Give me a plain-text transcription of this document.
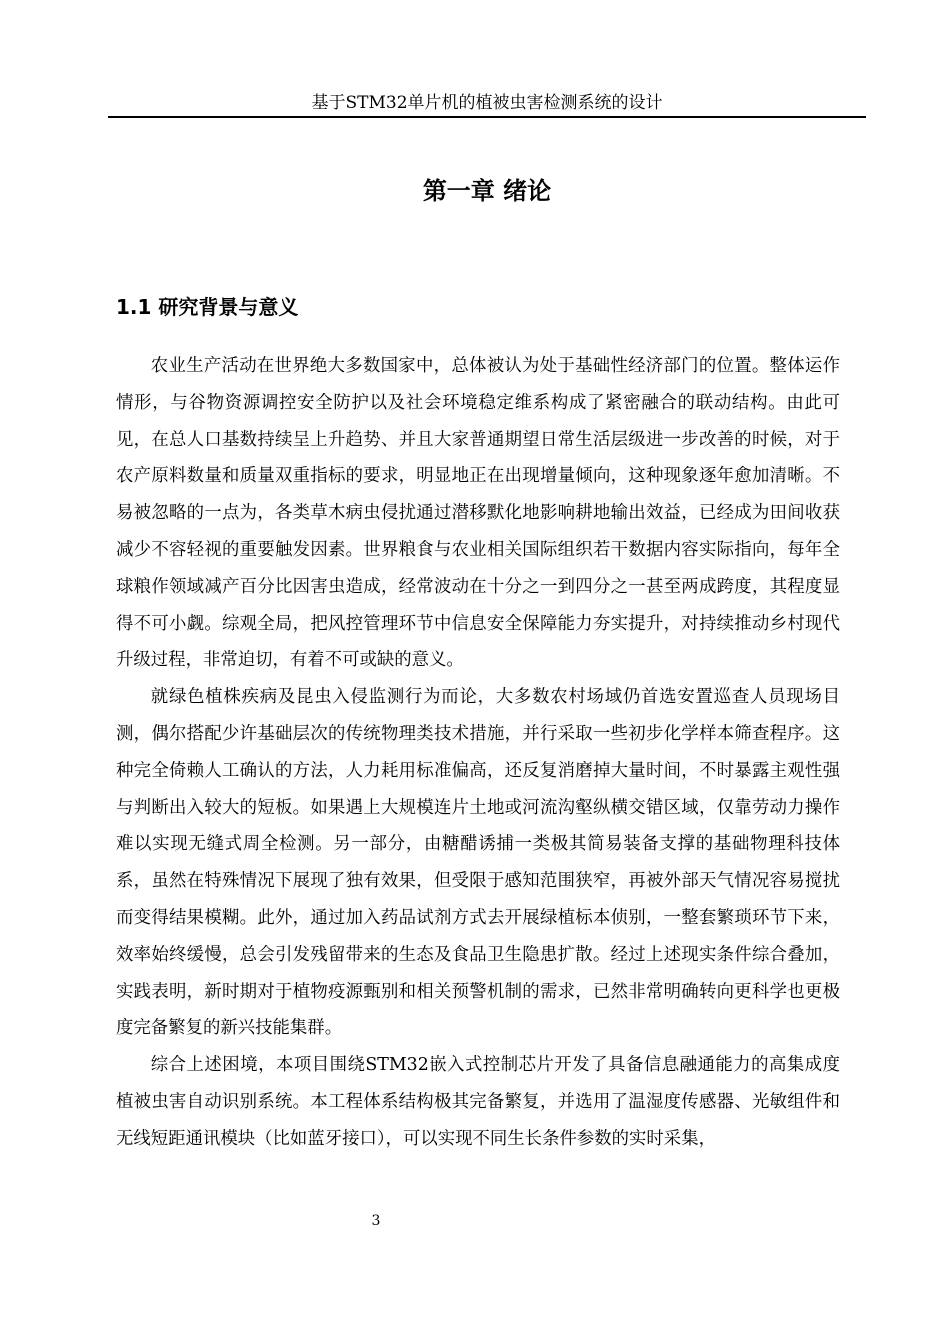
基于STM32单片机的植被虫害检测系统的设计
第一章 绪论
1.1 研究背景与意义

农业生产活动在世界绝大多数国家中，总体被认为处于基础性经济部门的位置。整体运作情形，与谷物资源调控安全防护以及社会环境稳定维系构成了紧密融合的联动结构。由此可见，在总人口基数持续呈上升趋势、并且大家普通期望日常生活层级进一步改善的时候，对于农产原料数量和质量双重指标的要求，明显地正在出现增量倾向，这种现象逐年愈加清晰。不易被忽略的一点为，各类草木病虫侵扰通过潜移默化地影响耕地输出效益，已经成为田间收获减少不容轻视的重要触发因素。世界粮食与农业相关国际组织若干数据内容实际指向，每年全球粮作领域减产百分比因害虫造成，经常波动在十分之一到四分之一甚至两成跨度，其程度显得不可小觑。综观全局，把风控管理环节中信息安全保障能力夯实提升，对持续推动乡村现代升级过程，非常迫切，有着不可或缺的意义。

就绿色植株疾病及昆虫入侵监测行为而论，大多数农村场域仍首选安置巡查人员现场目测，偶尔搭配少许基础层次的传统物理类技术措施，并行采取一些初步化学样本筛查程序。这种完全倚赖人工确认的方法，人力耗用标准偏高，还反复消磨掉大量时间，不时暴露主观性强与判断出入较大的短板。如果遇上大规模连片土地或河流沟壑纵横交错区域，仅靠劳动力操作难以实现无缝式周全检测。另一部分，由糖醋诱捕一类极其简易装备支撑的基础物理科技体系，虽然在特殊情况下展现了独有效果，但受限于感知范围狭窄，再被外部天气情况容易搅扰而变得结果模糊。此外，通过加入药品试剂方式去开展绿植标本侦别，一整套繁琐环节下来，效率始终缓慢，总会引发残留带来的生态及食品卫生隐患扩散。经过上述现实条件综合叠加，实践表明，新时期对于植物疫源甄别和相关预警机制的需求，已然非常明确转向更科学也更极度完备繁复的新兴技能集群。

综合上述困境，本项目围绕STM32嵌入式控制芯片开发了具备信息融通能力的高集成度植被虫害自动识别系统。本工程体系结构极其完备繁复，并选用了温湿度传感器、光敏组件和无线短距通讯模块（比如蓝牙接口），可以实现不同生长条件参数的实时采集，

3
